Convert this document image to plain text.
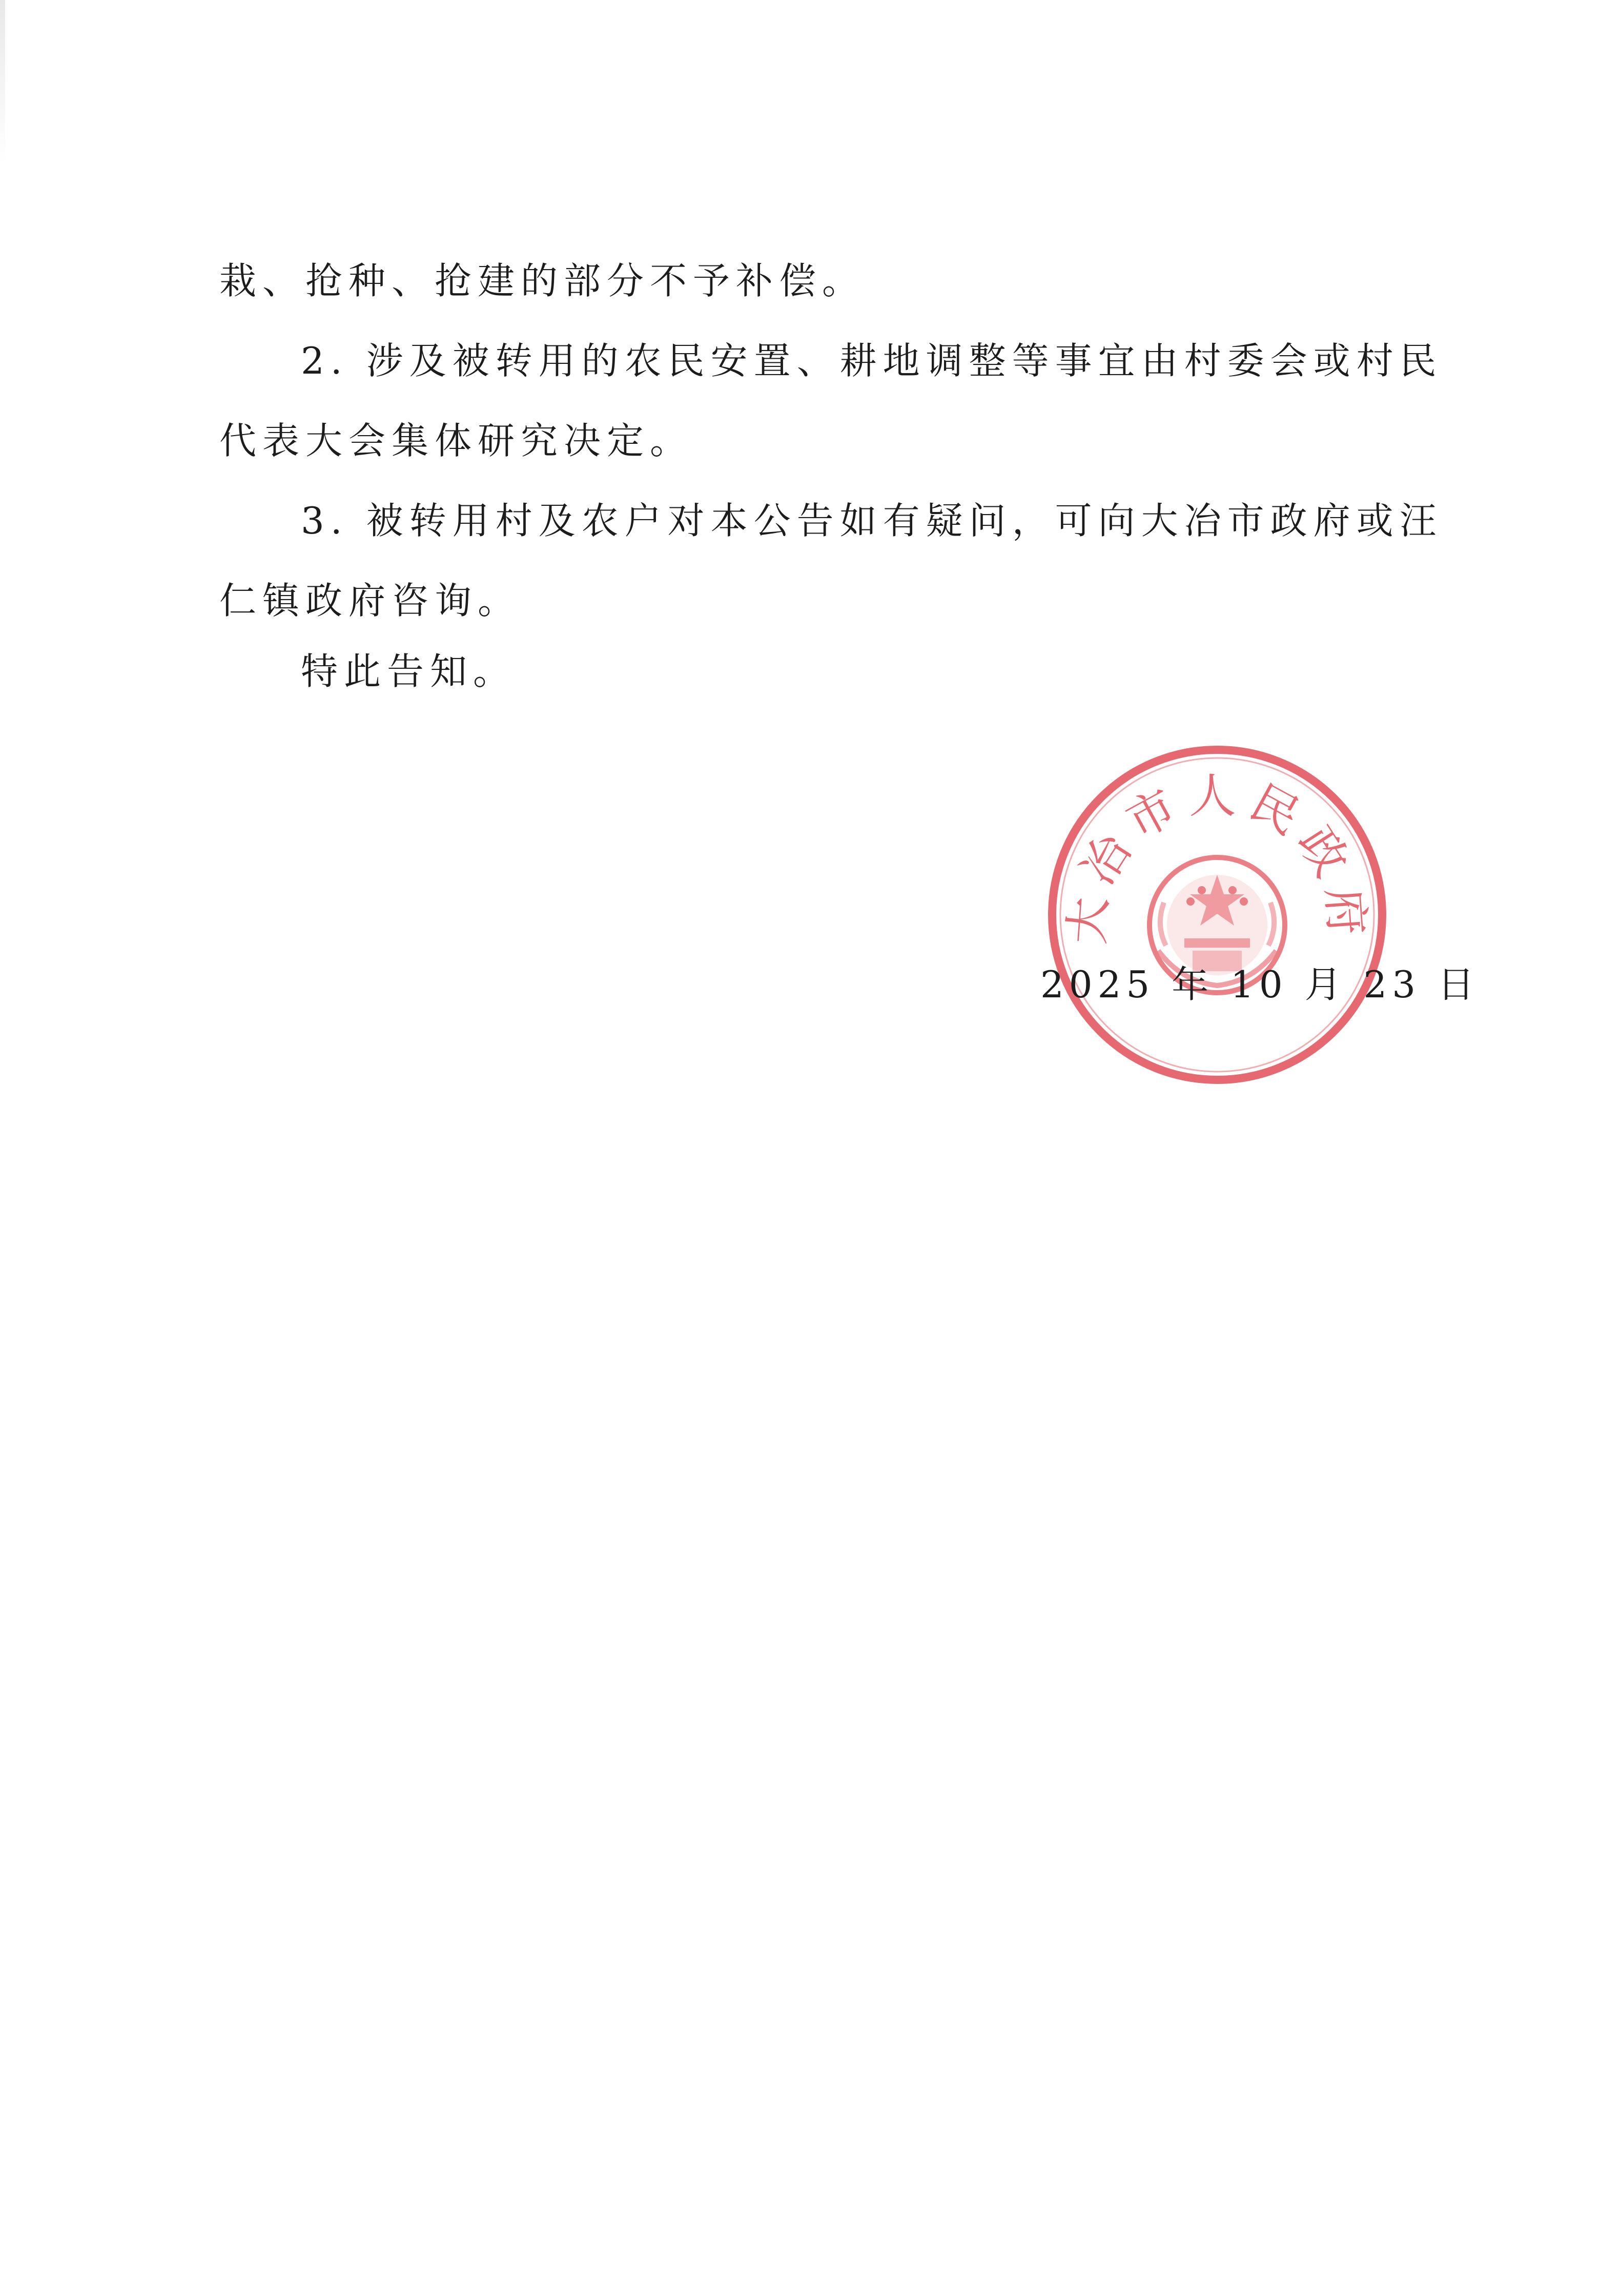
栽、抢种、抢建的部分不予补偿。
2. 涉及被转用的农民安置、耕地调整等事宜由村委会或村民
代表大会集体研究决定。
3. 被转用村及农户对本公告如有疑问，可向大冶市政府或汪
仁镇政府咨询。
特此告知。
大冶市人民政府
2025 年 10 月 23 日
